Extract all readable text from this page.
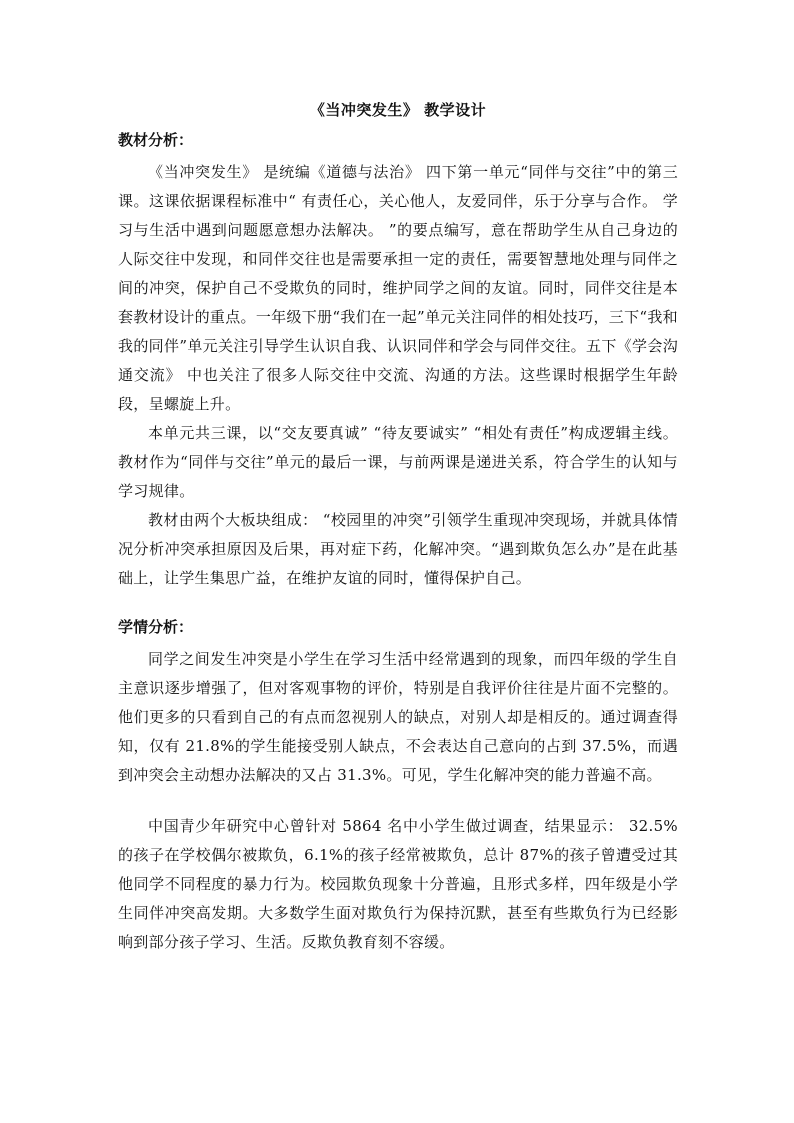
《当冲突发生》 教学设计
教材分析：

《当冲突发生》 是统编《道德与法治》 四下第一单元“同伴与交往”中的第三课。这课依据课程标准中“ 有责任心，关心他人，友爱同伴，乐于分享与合作。 学习与生活中遇到问题愿意想办法解决。 ”的要点编写，意在帮助学生从自己身边的人际交往中发现，和同伴交往也是需要承担一定的责任，需要智慧地处理与同伴之间的冲突，保护自己不受欺负的同时，维护同学之间的友谊。同时，同伴交往是本套教材设计的重点。一年级下册“我们在一起”单元关注同伴的相处技巧，三下“我和我的同伴”单元关注引导学生认识自我、认识同伴和学会与同伴交往。五下《学会沟通交流》 中也关注了很多人际交往中交流、沟通的方法。这些课时根据学生年龄段，呈螺旋上升。

本单元共三课，以“交友要真诚” “待友要诚实” “相处有责任”构成逻辑主线。教材作为“同伴与交往”单元的最后一课，与前两课是递进关系，符合学生的认知与学习规律。

教材由两个大板块组成： “校园里的冲突”引领学生重现冲突现场，并就具体情况分析冲突承担原因及后果，再对症下药，化解冲突。“遇到欺负怎么办”是在此基础上，让学生集思广益，在维护友谊的同时，懂得保护自己。

学情分析：

同学之间发生冲突是小学生在学习生活中经常遇到的现象，而四年级的学生自主意识逐步增强了，但对客观事物的评价，特别是自我评价往往是片面不完整的。他们更多的只看到自己的有点而忽视别人的缺点，对别人却是相反的。通过调查得知，仅有 21.8%的学生能接受别人缺点，不会表达自己意向的占到 37.5%，而遇到冲突会主动想办法解决的又占 31.3%。可见，学生化解冲突的能力普遍不高。

中国青少年研究中心曾针对 5864 名中小学生做过调查，结果显示： 32.5%的孩子在学校偶尔被欺负，6.1%的孩子经常被欺负，总计 87%的孩子曾遭受过其他同学不同程度的暴力行为。校园欺负现象十分普遍，且形式多样，四年级是小学生同伴冲突高发期。大多数学生面对欺负行为保持沉默，甚至有些欺负行为已经影响到部分孩子学习、生活。反欺负教育刻不容缓。
